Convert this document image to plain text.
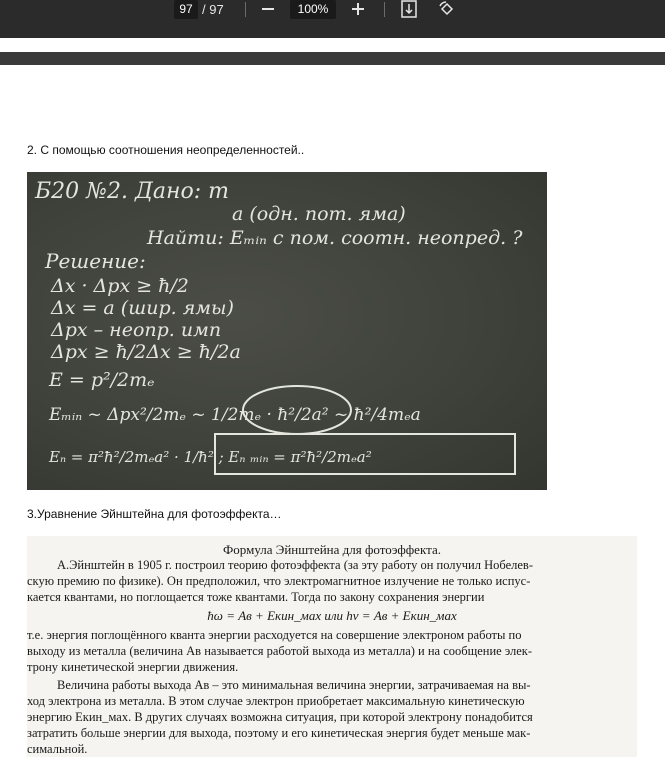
97 / 97	100%
2. С помощью соотношения неопределенностей..
Б20 №2. Дано: m
a (одн. пот. яма)
Найти: Eₘᵢₙ с пом. соотн. неопред. ?
Решение:
Δx · Δpx ≥ ħ/2
Δx = a (шир. ямы)
Δpx – неопр. имп
Δpx ≥ ħ/2Δx ≥ ħ/2a
E = p²/2mₑ
Eₘᵢₙ ~ Δpx²/2mₑ ~ 1/2mₑ · ħ²/2a² ~ ħ²/4mₑa
Eₙ = π²ħ²/2mₑa² · 1/ħ² ; Eₙ ₘᵢₙ = π²ħ²/2mₑa²
3.Уравнение Эйнштейна для фотоэффекта…

Формула Эйнштейна для фотоэффекта.

А.Эйнштейн в 1905 г. построил теорию фотоэффекта (за эту работу он получил Нобелев-

скую премию по физике). Он предположил, что электромагнитное излучение не только испус-

кается квантами, но поглощается тоже квантами. Тогда по закону сохранения энергии

ħω = Aв + Eкин_мах или hν = Aв + Eкин_мах

т.е. энергия поглощённого кванта энергии расходуется на совершение электроном работы по

выходу из металла (величина Aв называется работой выхода из металла) и на сообщение элек-

трону кинетической энергии движения.

Величина работы выхода Aв – это минимальная величина энергии, затрачиваемая на вы-

ход электрона из металла. В этом случае электрон приобретает максимальную кинетическую

энергию Eкин_мах. В других случаях возможна ситуация, при которой электрону понадобится

затратить больше энергии для выхода, поэтому и его кинетическая энергия будет меньше мак-

симальной.
